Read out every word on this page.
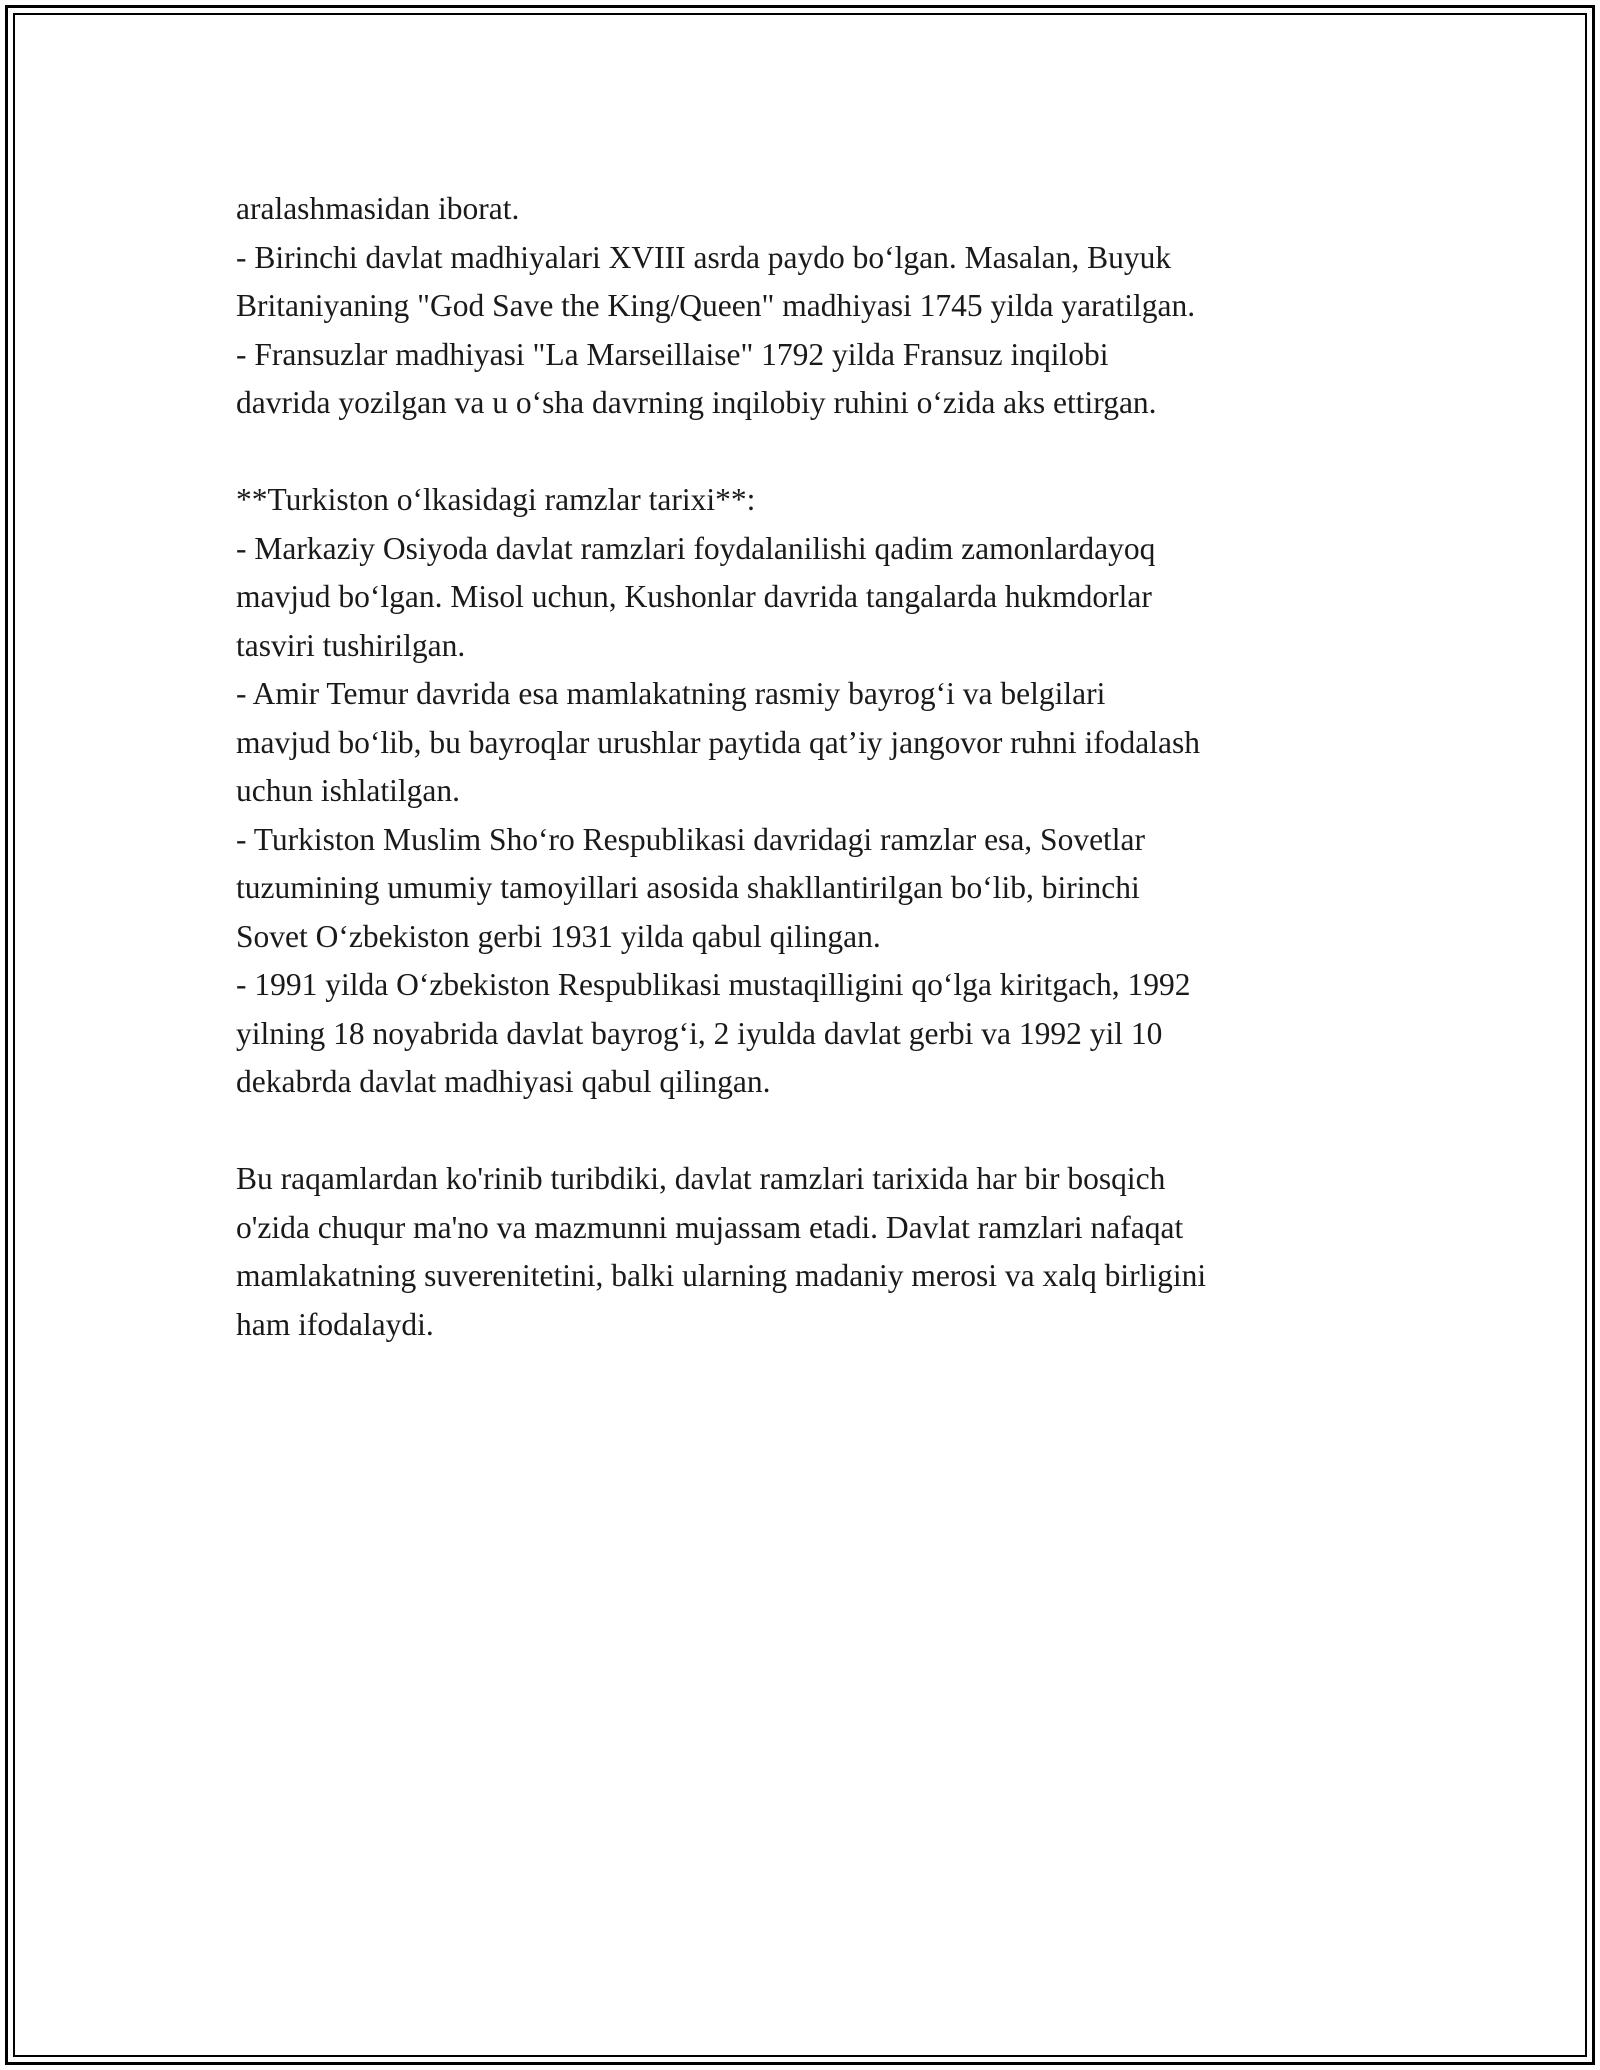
aralashmasidan iborat.
- Birinchi davlat madhiyalari XVIII asrda paydo bo‘lgan. Masalan, Buyuk
Britaniyaning "God Save the King/Queen" madhiyasi 1745 yilda yaratilgan.
- Fransuzlar madhiyasi "La Marseillaise" 1792 yilda Fransuz inqilobi
davrida yozilgan va u o‘sha davrning inqilobiy ruhini o‘zida aks ettirgan.
**Turkiston o‘lkasidagi ramzlar tarixi**:
- Markaziy Osiyoda davlat ramzlari foydalanilishi qadim zamonlardayoq
mavjud bo‘lgan. Misol uchun, Kushonlar davrida tangalarda hukmdorlar
tasviri tushirilgan.
- Amir Temur davrida esa mamlakatning rasmiy bayrog‘i va belgilari
mavjud bo‘lib, bu bayroqlar urushlar paytida qat’iy jangovor ruhni ifodalash
uchun ishlatilgan.
- Turkiston Muslim Sho‘ro Respublikasi davridagi ramzlar esa, Sovetlar
tuzumining umumiy tamoyillari asosida shakllantirilgan bo‘lib, birinchi
Sovet O‘zbekiston gerbi 1931 yilda qabul qilingan.
- 1991 yilda O‘zbekiston Respublikasi mustaqilligini qo‘lga kiritgach, 1992
yilning 18 noyabrida davlat bayrog‘i, 2 iyulda davlat gerbi va 1992 yil 10
dekabrda davlat madhiyasi qabul qilingan.
Bu raqamlardan ko'rinib turibdiki, davlat ramzlari tarixida har bir bosqich
o'zida chuqur ma'no va mazmunni mujassam etadi. Davlat ramzlari nafaqat
mamlakatning suverenitetini, balki ularning madaniy merosi va xalq birligini
ham ifodalaydi.
